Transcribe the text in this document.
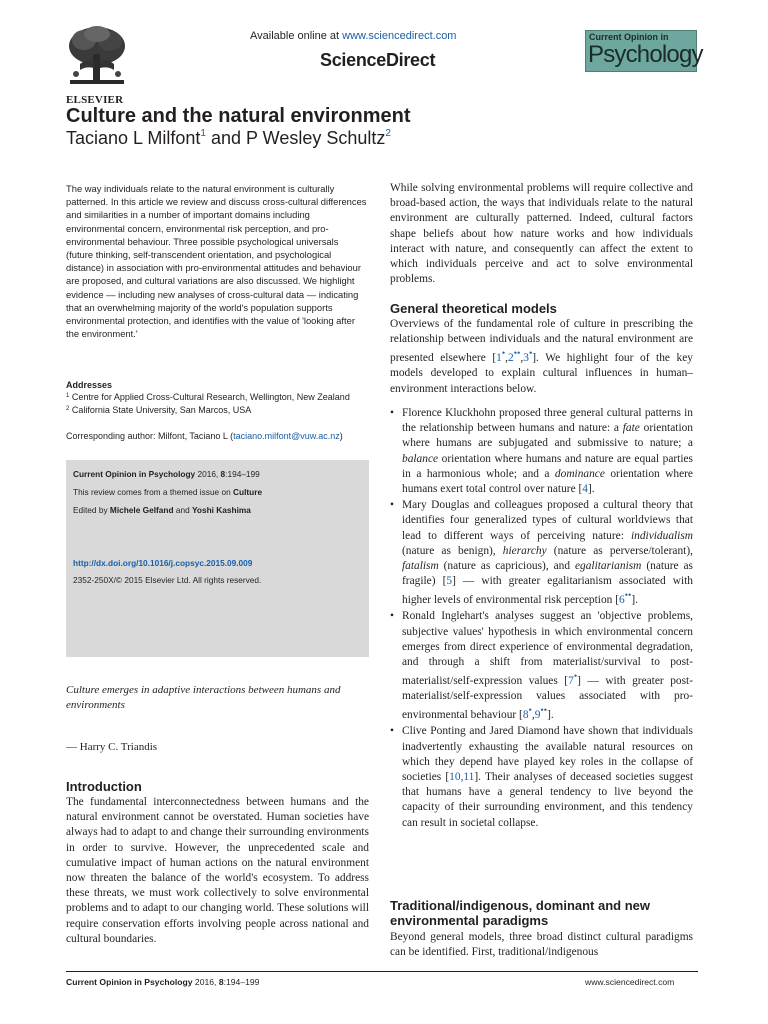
ELSEVIER
Available online at www.sciencedirect.com
ScienceDirect
Current Opinion in
Psychology
Culture and the natural environment
Taciano L Milfont$^1$ and P Wesley Schultz$^2$

The way individuals relate to the natural environment is culturally patterned. In this article we review and discuss cross-cultural differences and similarities in a number of important domains including environmental concern, environmental risk perception, and pro-environmental behaviour. Three possible psychological universals (future thinking, self-transcendent orientation, and psychological distance) in association with pro-environmental attitudes and behaviour are proposed, and cultural variations are also discussed. We highlight evidence — including new analyses of cross-cultural data — indicating that an overwhelming majority of the world's population supports environmental protection, and identifies with the value of 'looking after the environment.'

Addresses
$^1$ Centre for Applied Cross-Cultural Research, Wellington, New Zealand
$^2$ California State University, San Marcos, USA
Corresponding author: Milfont, Taciano L (taciano.milfont@vuw.ac.nz)
Current Opinion in Psychology 2016, 8:194–199
This review comes from a themed issue on Culture
Edited by Michele Gelfand and Yoshi Kashima
http://dx.doi.org/10.1016/j.copsyc.2015.09.009
2352-250X/© 2015 Elsevier Ltd. All rights reserved.
Culture emerges in adaptive interactions between humans and environments
— Harry C. Triandis
Introduction

The fundamental interconnectedness between humans and the natural environment cannot be overstated. Human societies have always had to adapt to and change their surrounding environments in order to survive. However, the unprecedented scale and cumulative impact of human actions on the natural environment now threaten the balance of the world's ecosystem. To address these threats, we must work collectively to solve environmental problems and to adapt to our changing world. These solutions will require conservation efforts involving people across national and cultural boundaries.

While solving environmental problems will require collective and broad-based action, the ways that individuals relate to the natural environment are culturally patterned. Indeed, cultural factors shape beliefs about how nature works and how individuals interact with nature, and consequently can affect the extent to which individuals perceive and act to solve environmental problems.

General theoretical models

Overviews of the fundamental role of culture in prescribing the relationship between individuals and the natural environment are presented elsewhere [1•,2••,3•]. We highlight four of the key models developed to explain cultural influences in human–environment interactions below.

• Florence Kluckhohn proposed three general cultural patterns in the relationship between humans and nature: a fate orientation where humans are subjugated and submissive to nature; a balance orientation where humans and nature are equal parties in a harmonious whole; and a dominance orientation where humans exert total control over nature [4].
• Mary Douglas and colleagues proposed a cultural theory that identifies four generalized types of cultural worldviews that lead to different ways of perceiving nature: individualism (nature as benign), hierarchy (nature as perverse/tolerant), fatalism (nature as capricious), and egalitarianism (nature as fragile) [5] — with greater egalitarianism associated with higher levels of environmental risk perception [6••].
• Ronald Inglehart's analyses suggest an 'objective problems, subjective values' hypothesis in which environmental concern emerges from direct experience of environmental degradation, and through a shift from materialist/survival to post-materialist/self-expression values [7•] — with greater post-materialist/self-expression values associated with pro-environmental behaviour [8•,9••].
• Clive Ponting and Jared Diamond have shown that individuals inadvertently exhausting the available natural resources on which they depend have played key roles in the collapse of societies [10,11]. Their analyses of deceased societies suggest that humans have a general tendency to live beyond the capacity of their surrounding environment, and this tendency can result in societal collapse.

Traditional/indigenous, dominant and new environmental paradigms

Beyond general models, three broad distinct cultural paradigms can be identified. First, traditional/indigenous

Current Opinion in Psychology 2016, 8:194–199	www.sciencedirect.com
